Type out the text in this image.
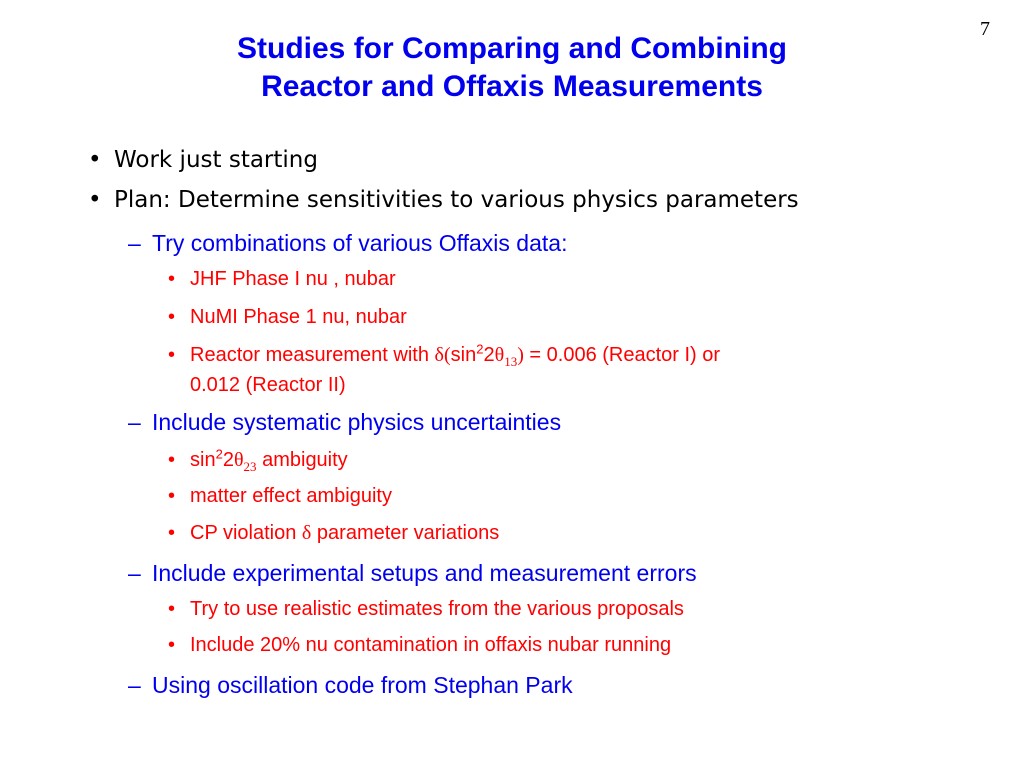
7
Studies for Comparing and Combining
Reactor and Offaxis Measurements
• Work just starting
• Plan: Determine sensitivities to various physics parameters
– Try combinations of various Offaxis data:
• JHF Phase I nu , nubar
• NuMI Phase 1 nu, nubar
• Reactor measurement with $\delta(\sin^22\theta_{13}) = 0.006$ (Reactor I) or
0.012 (Reactor II)
– Include systematic physics uncertainties
• $\sin^22\theta_{23}$ ambiguity
• matter effect ambiguity
• CP violation δ parameter variations
– Include experimental setups and measurement errors
• Try to use realistic estimates from the various proposals
• Include 20% nu contamination in offaxis nubar running
– Using oscillation code from Stephan Park
